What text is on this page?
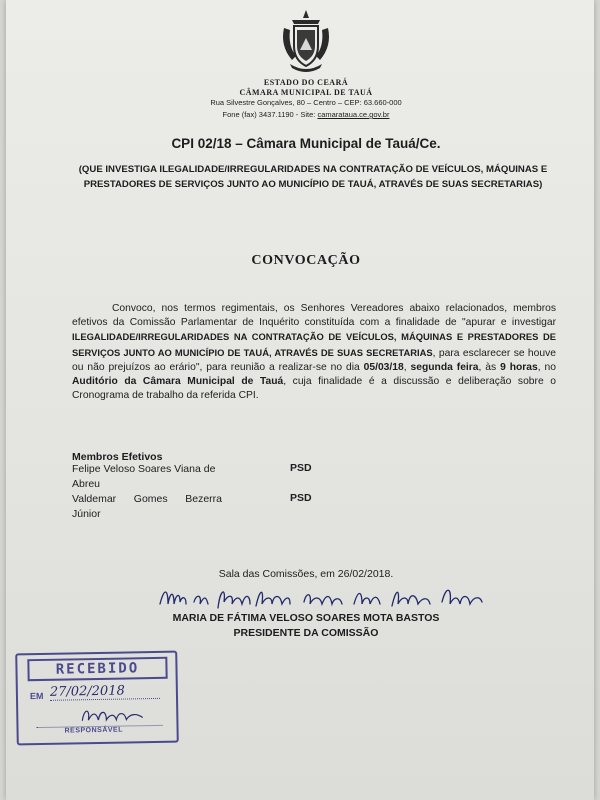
ESTADO DO CEARÁ
CÂMARA MUNICIPAL DE TAUÁ
Rua Silvestre Gonçalves, 80 – Centro – CEP: 63.660-000
Fone (fax) 3437.1190 - Site: camarataua.ce.gov.br
CPI 02/18 – Câmara Municipal de Tauá/Ce.
(QUE INVESTIGA ILEGALIDADE/IRREGULARIDADES NA CONTRATAÇÃO DE VEÍCULOS, MÁQUINAS E PRESTADORES DE SERVIÇOS JUNTO AO MUNICÍPIO DE TAUÁ, ATRAVÉS DE SUAS SECRETARIAS)
CONVOCAÇÃO
Convoco, nos termos regimentais, os Senhores Vereadores abaixo relacionados, membros efetivos da Comissão Parlamentar de Inquérito constituída com a finalidade de "apurar e investigar ILEGALIDADE/IRREGULARIDADES NA CONTRATAÇÃO DE VEÍCULOS, MÁQUINAS E PRESTADORES DE SERVIÇOS JUNTO AO MUNICÍPIO DE TAUÁ, ATRAVÉS DE SUAS SECRETARIAS, para esclarecer se houve ou não prejuízos ao erário", para reunião a realizar-se no dia 05/03/18, segunda feira, às 9 horas, no Auditório da Câmara Municipal de Tauá, cuja finalidade é a discussão e deliberação sobre o Cronograma de trabalho da referida CPI.
Membros Efetivos
Felipe Veloso Soares Viana de
Abreu
PSD
Valdemar Gomes Bezerra
Júnior
PSD
Sala das Comissões, em 26/02/2018.
MARIA DE FÁTIMA VELOSO SOARES MOTA BASTOS
PRESIDENTE DA COMISSÃO
RECEBIDO
EM 27/02/2018
RESPONSÁVEL
